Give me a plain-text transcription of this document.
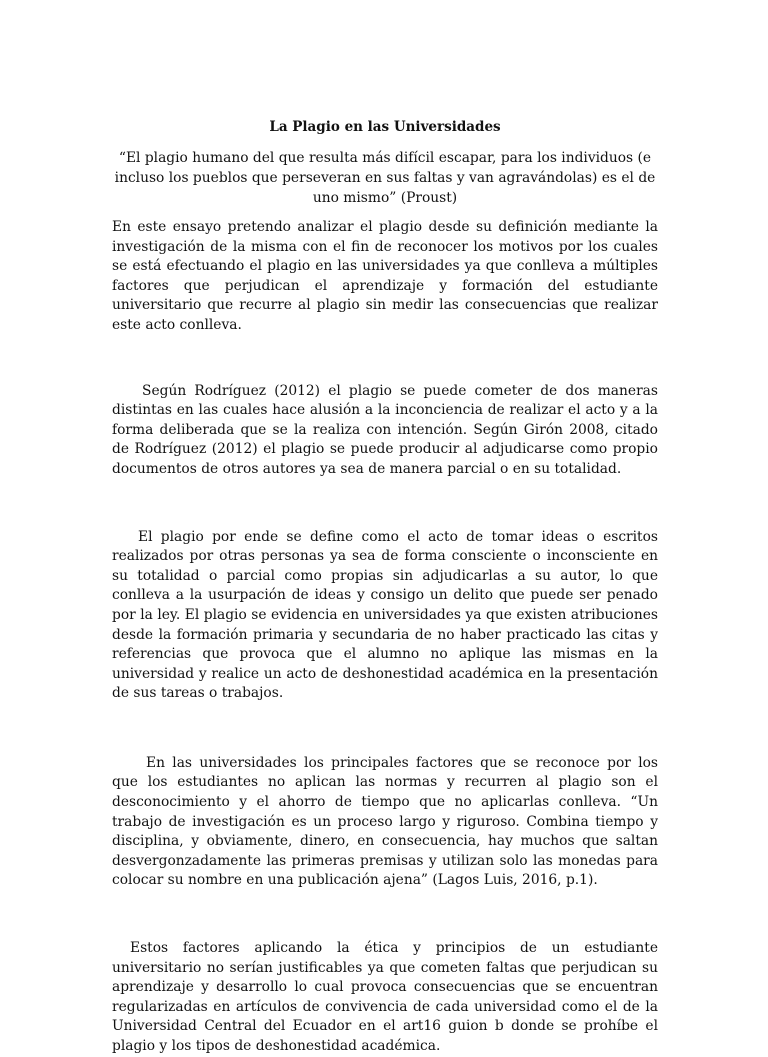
La Plagio en las Universidades

“El plagio humano del que resulta más difícil escapar, para los individuos (e incluso los pueblos que perseveran en sus faltas y van agravándolas) es el de uno mismo” (Proust)

En este ensayo pretendo analizar el plagio desde su definición mediante la investigación de la misma con el fin de reconocer los motivos por los cuales se está efectuando el plagio en las universidades ya que conlleva a múltiples factores que perjudican el aprendizaje y formación del estudiante universitario que recurre al plagio sin medir las consecuencias que realizar este acto conlleva.

Según Rodríguez (2012) el plagio se puede cometer de dos maneras distintas en las cuales hace alusión a la inconciencia de realizar el acto y a la forma deliberada que se la realiza con intención. Según Girón 2008, citado de Rodríguez (2012) el plagio se puede producir al adjudicarse como propio documentos de otros autores ya sea de manera parcial o en su totalidad.

El plagio por ende se define como el acto de tomar ideas o escritos realizados por otras personas ya sea de forma consciente o inconsciente en su totalidad o parcial como propias sin adjudicarlas a su autor, lo que conlleva a la usurpación de ideas y consigo un delito que puede ser penado por la ley. El plagio se evidencia en universidades ya que existen atribuciones desde la formación primaria y secundaria de no haber practicado las citas y referencias que provoca que el alumno no aplique las mismas en la universidad y realice un acto de deshonestidad académica en la presentación de sus tareas o trabajos.

En las universidades los principales factores que se reconoce por los que los estudiantes no aplican las normas y recurren al plagio son el desconocimiento y el ahorro de tiempo que no aplicarlas conlleva. “Un trabajo de investigación es un proceso largo y riguroso. Combina tiempo y disciplina, y obviamente, dinero, en consecuencia, hay muchos que saltan desvergonzadamente las primeras premisas y utilizan solo las monedas para colocar su nombre en una publicación ajena” (Lagos Luis, 2016, p.1).

Estos factores aplicando la ética y principios de un estudiante universitario no serían justificables ya que cometen faltas que perjudican su aprendizaje y desarrollo lo cual provoca consecuencias que se encuentran regularizadas en artículos de convivencia de cada universidad como el de la Universidad Central del Ecuador en el art16 guion b donde se prohíbe el plagio y los tipos de deshonestidad académica.
